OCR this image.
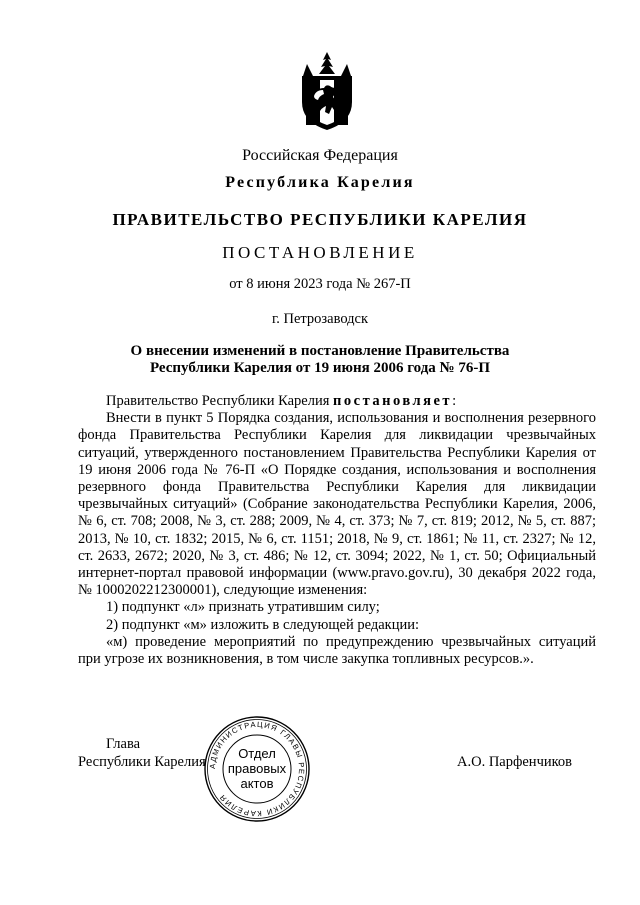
Российская Федерация
Республика Карелия
ПРАВИТЕЛЬСТВО РЕСПУБЛИКИ КАРЕЛИЯ
ПОСТАНОВЛЕНИЕ
от 8 июня 2023 года № 267-П
г. Петрозаводск
О внесении изменений в постановление Правительства
Республики Карелия от 19 июня 2006 года № 76-П

Правительство Республики Карелия постановляет:

Внести в пункт 5 Порядка создания, использования и восполнения резервного фонда Правительства Республики Карелия для ликвидации чрезвычайных ситуаций, утвержденного постановлением Правительства Республики Карелия от 19 июня 2006 года № 76-П «О Порядке создания, использования и восполнения резервного фонда Правительства Республики Карелия для ликвидации чрезвычайных ситуаций» (Собрание законодательства Республики Карелия, 2006, № 6, ст. 708; 2008, № 3, ст. 288; 2009, № 4, ст. 373; № 7, ст. 819; 2012, № 5, ст. 887; 2013, № 10, ст. 1832; 2015, № 6, ст. 1151; 2018, № 9, ст. 1861; № 11, ст. 2327; № 12, ст. 2633, 2672; 2020, № 3, ст. 486; № 12, ст. 3094; 2022, № 1, ст. 50; Официальный интернет-портал правовой информации (www.pravo.gov.ru), 30 декабря 2022 года, № 1000202212300001), следующие изменения:

1) подпункт «л» признать утратившим силу;

2) подпункт «м» изложить в следующей редакции:

«м) проведение мероприятий по предупреждению чрезвычайных ситуаций при угрозе их возникновения, в том числе закупка топливных ресурсов.».

Глава
Республики Карелия	А.О. Парфенчиков
АДМИНИСТРАЦИЯ ГЛАВЫ РЕСПУБЛИКИ КАРЕЛИЯ
Отдел
правовых
актов
